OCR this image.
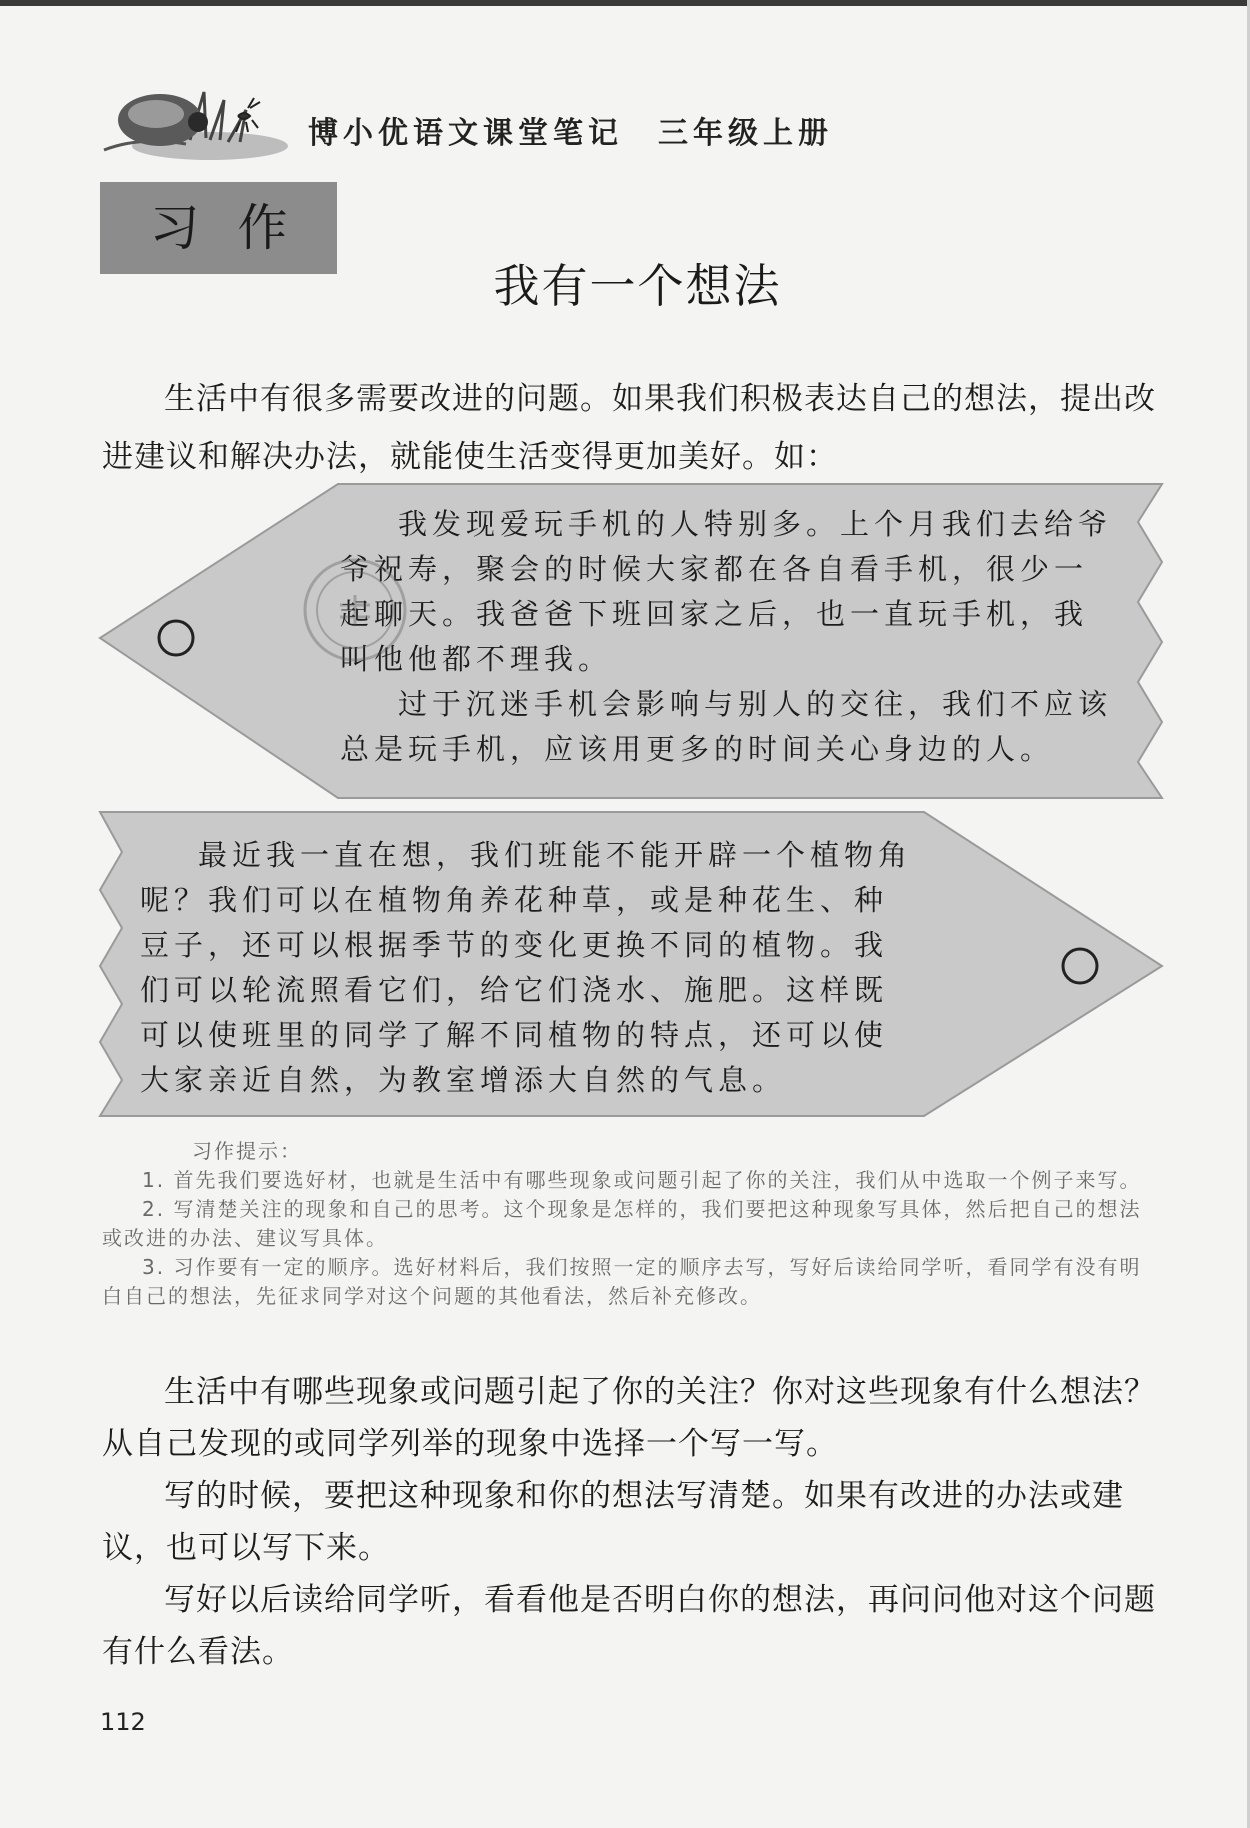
博小优语文课堂笔记　三年级上册
习作
我有一个想法

生活中有很多需要改进的问题。如果我们积极表达自己的想法，提出改进建议和解决办法，就能使生活变得更加美好。如：

我发现爱玩手机的人特别多。上个月我们去给爷爷祝寿，聚会的时候大家都在各自看手机，很少一起聊天。我爸爸下班回家之后，也一直玩手机，我叫他他都不理我。

过于沉迷手机会影响与别人的交往，我们不应该总是玩手机，应该用更多的时间关心身边的人。

最近我一直在想，我们班能不能开辟一个植物角呢？我们可以在植物角养花种草，或是种花生、种豆子，还可以根据季节的变化更换不同的植物。我们可以轮流照看它们，给它们浇水、施肥。这样既可以使班里的同学了解不同植物的特点，还可以使大家亲近自然，为教室增添大自然的气息。

习作提示：

1. 首先我们要选好材，也就是生活中有哪些现象或问题引起了你的关注，我们从中选取一个例子来写。

2. 写清楚关注的现象和自己的思考。这个现象是怎样的，我们要把这种现象写具体，然后把自己的想法或改进的办法、建议写具体。

3. 习作要有一定的顺序。选好材料后，我们按照一定的顺序去写，写好后读给同学听，看同学有没有明白自己的想法，先征求同学对这个问题的其他看法，然后补充修改。

生活中有哪些现象或问题引起了你的关注？你对这些现象有什么想法？从自己发现的或同学列举的现象中选择一个写一写。

写的时候，要把这种现象和你的想法写清楚。如果有改进的办法或建议，也可以写下来。

写好以后读给同学听，看看他是否明白你的想法，再问问他对这个问题有什么看法。

112
